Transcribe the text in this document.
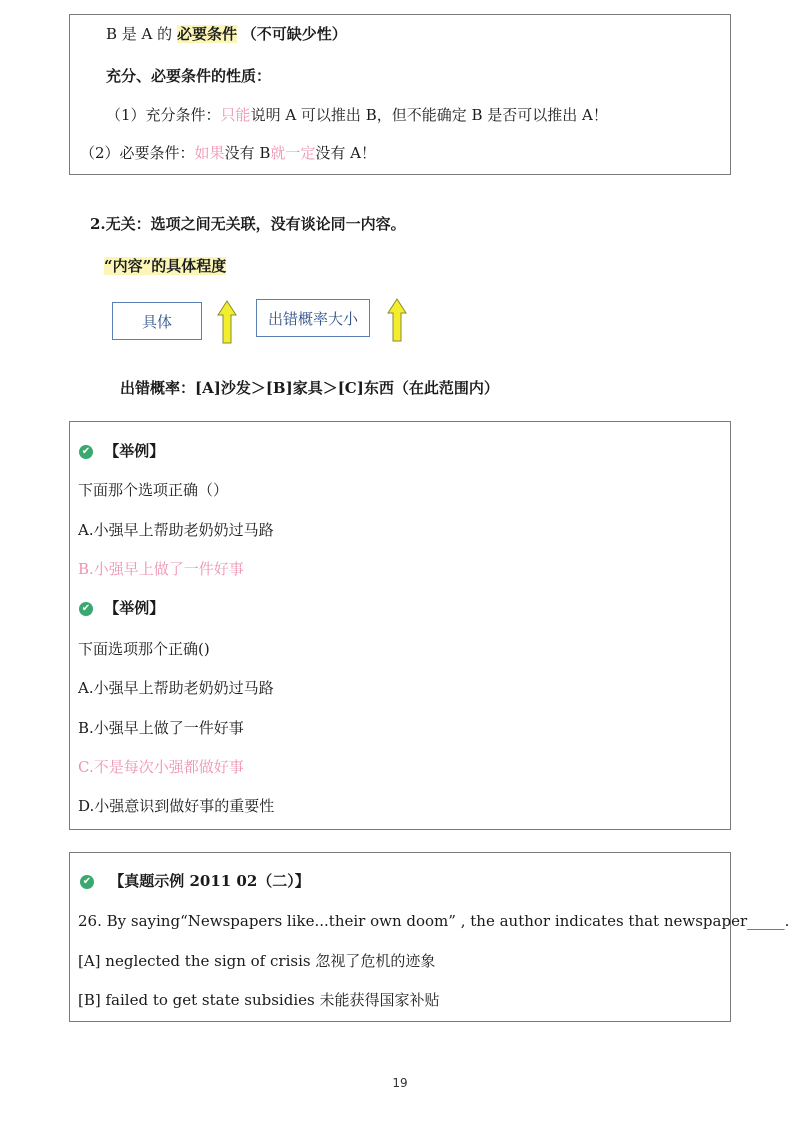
B 是 A 的 必要条件 （不可缺少性）
充分、必要条件的性质：
（1）充分条件：只能说明 A 可以推出 B，但不能确定 B 是否可以推出 A！
（2）必要条件：如果没有 B就一定没有 A！
2.无关：选项之间无关联，没有谈论同一内容。
“内容”的具体程度
具体	出错概率大小
出错概率：[A]沙发＞[B]家具＞[C]东西（在此范围内）
✔ 【举例】
下面那个选项正确（）
A.小强早上帮助老奶奶过马路
B.小强早上做了一件好事
✔ 【举例】
下面选项那个正确()
A.小强早上帮助老奶奶过马路
B.小强早上做了一件好事
C.不是每次小强都做好事
D.小强意识到做好事的重要性
✔ 【真题示例 2011 02（二）】
26. By saying“Newspapers like...their own doom” , the author indicates that newspaper_____.
[A] neglected the sign of crisis 忽视了危机的迹象
[B] failed to get state subsidies 未能获得国家补贴
19
